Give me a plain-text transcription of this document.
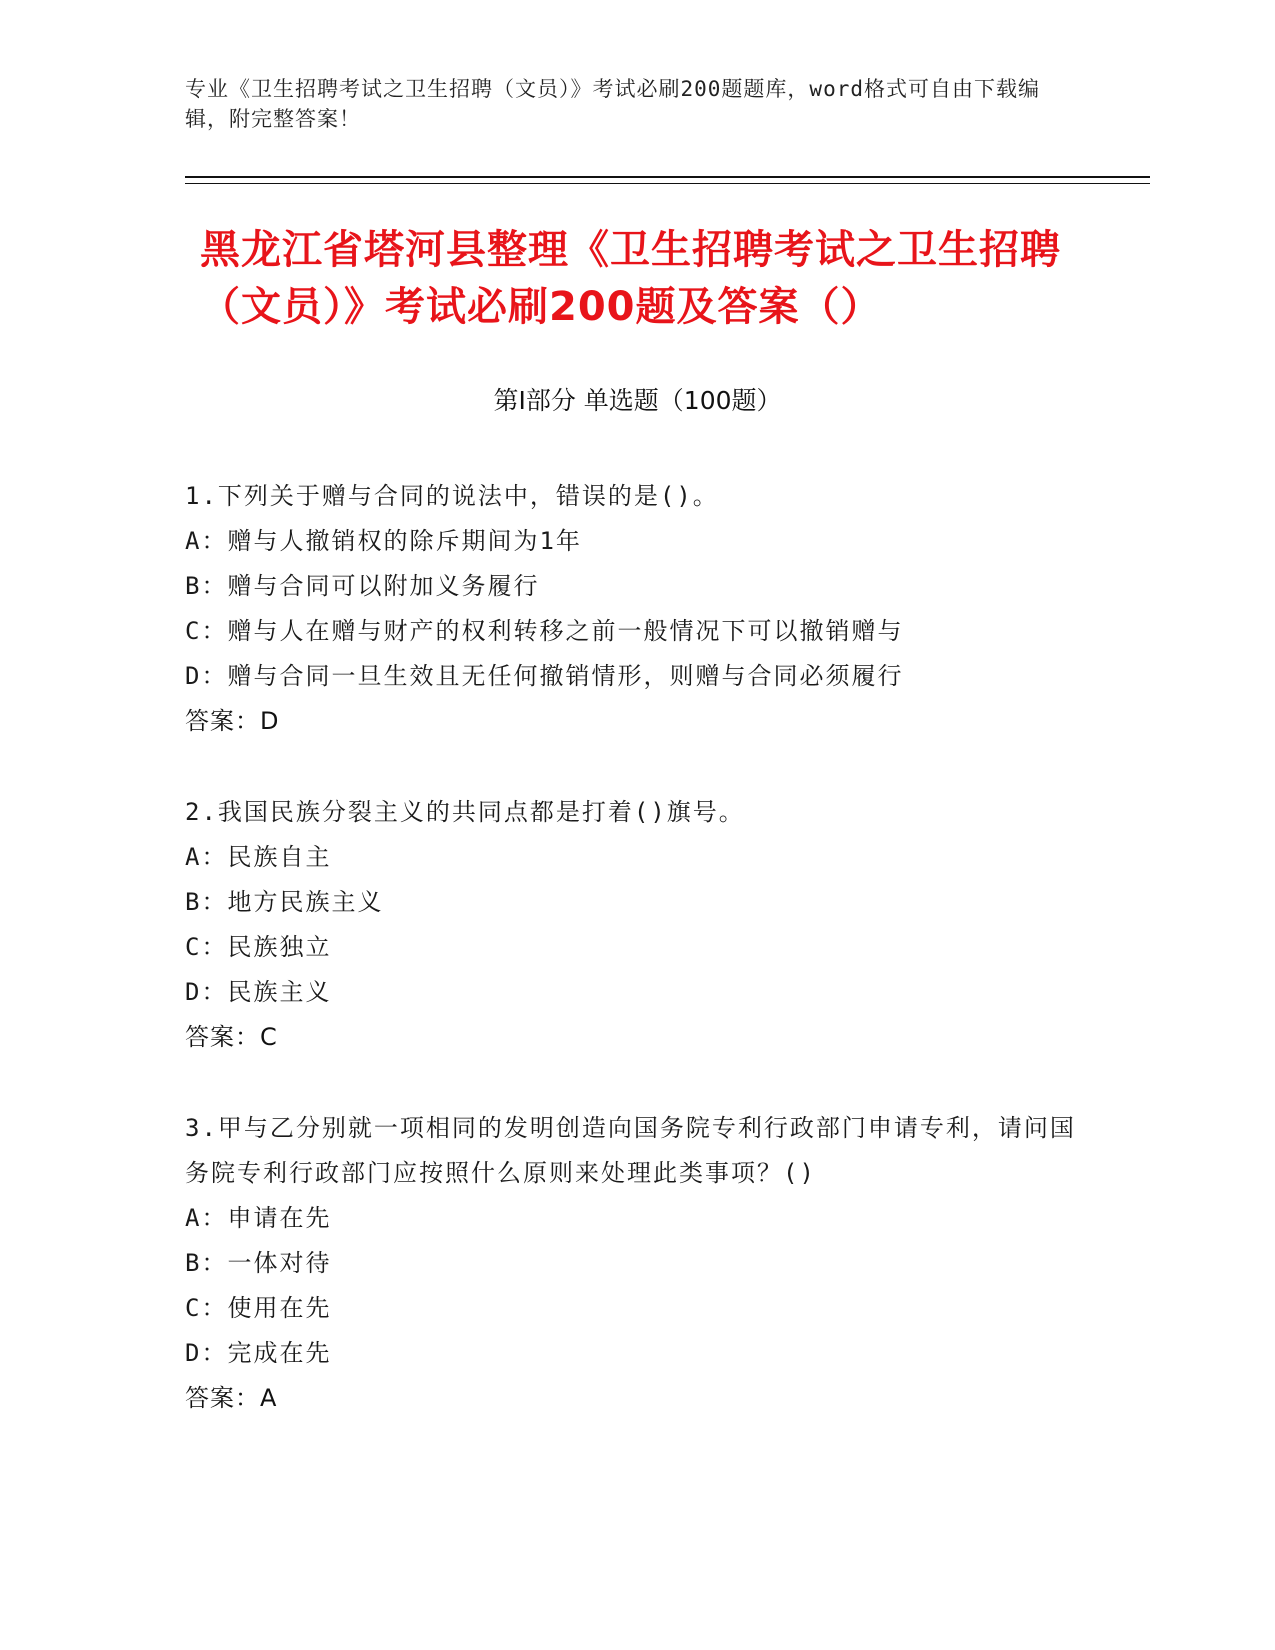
专业《卫生招聘考试之卫生招聘（文员）》考试必刷200题题库，word格式可自由下载编辑，附完整答案！
黑龙江省塔河县整理《卫生招聘考试之卫生招聘（文员）》考试必刷200题及答案（）
第Ⅰ部分 单选题（100题）
1.下列关于赠与合同的说法中，错误的是()。
A：赠与人撤销权的除斥期间为1年
B：赠与合同可以附加义务履行
C：赠与人在赠与财产的权利转移之前一般情况下可以撤销赠与
D：赠与合同一旦生效且无任何撤销情形，则赠与合同必须履行
答案：D
2.我国民族分裂主义的共同点都是打着()旗号。
A：民族自主
B：地方民族主义
C：民族独立
D：民族主义
答案：C
3.甲与乙分别就一项相同的发明创造向国务院专利行政部门申请专利，请问国务院专利行政部门应按照什么原则来处理此类事项？()
A：申请在先
B：一体对待
C：使用在先
D：完成在先
答案：A
